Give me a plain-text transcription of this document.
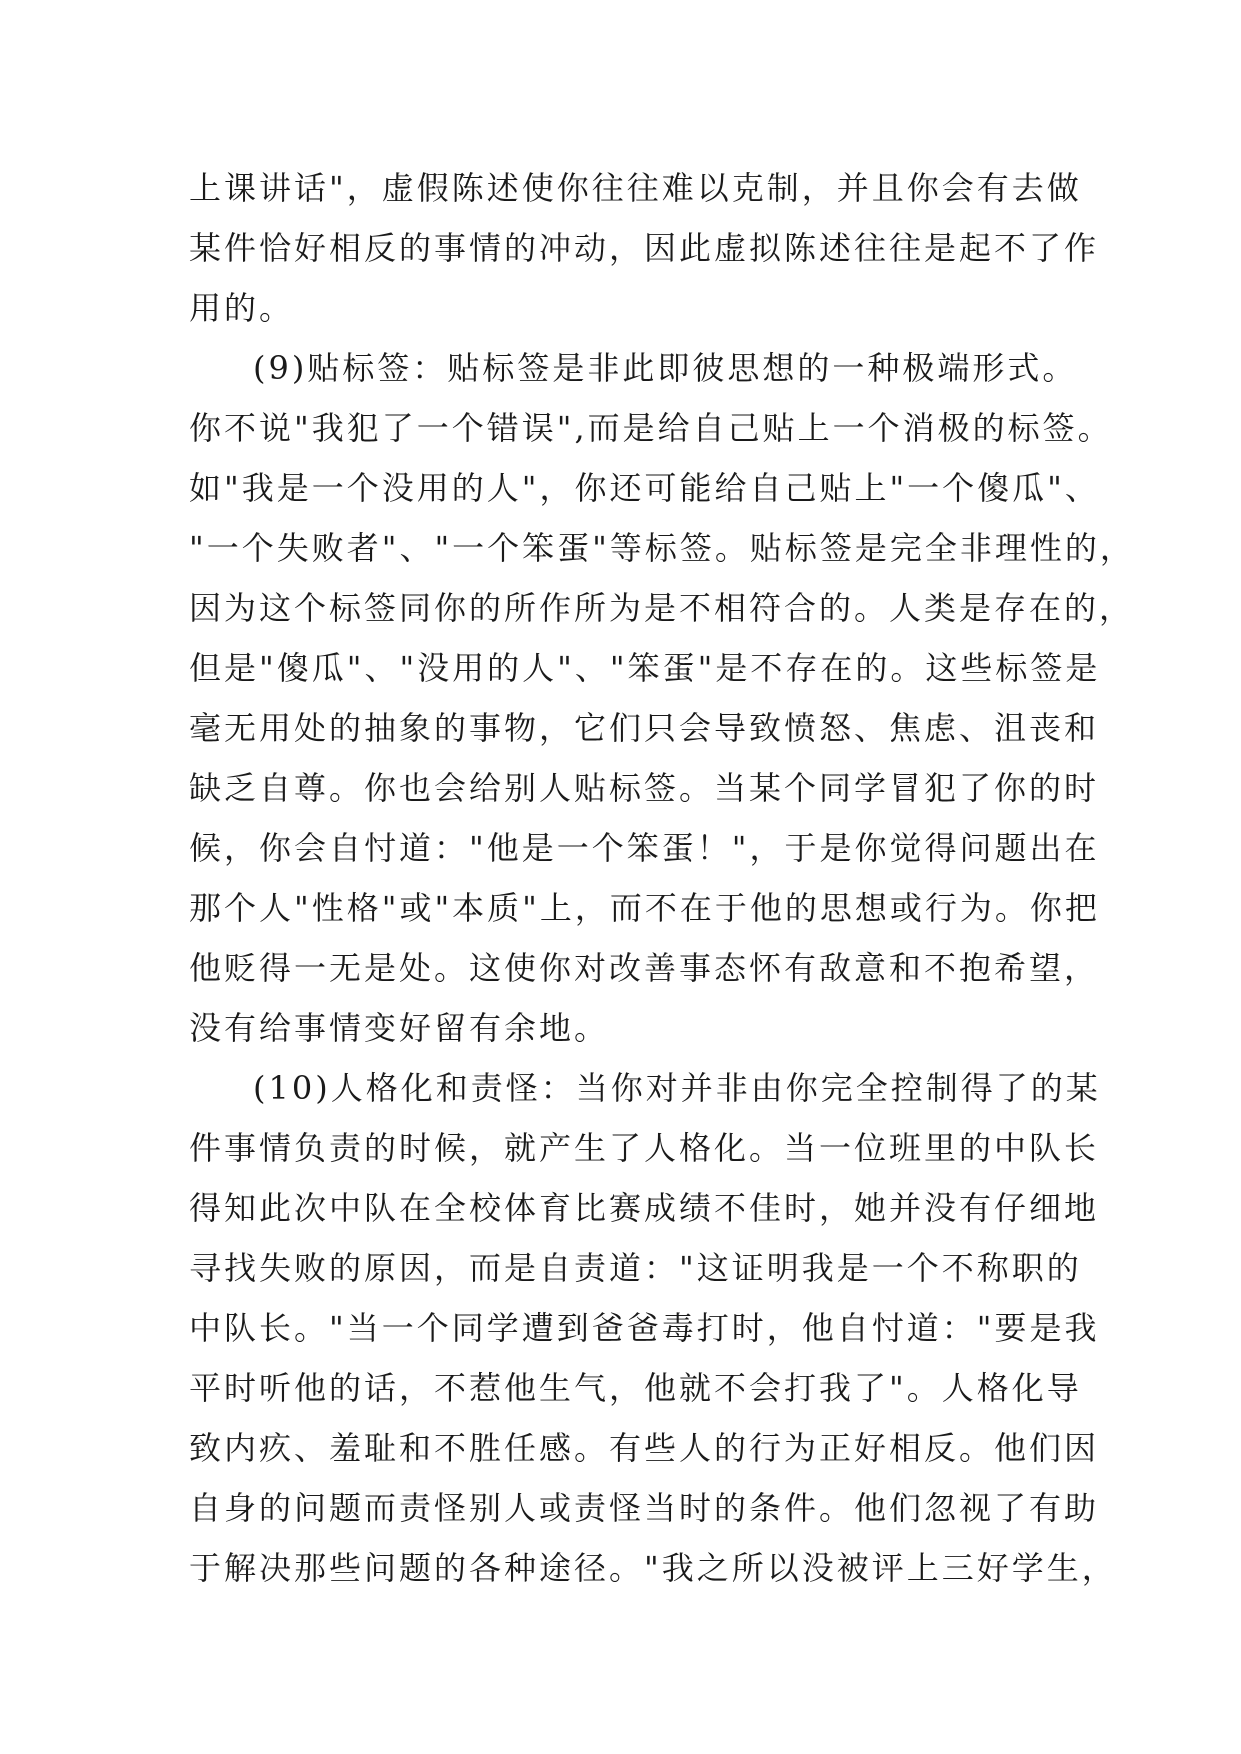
上课讲话"，虚假陈述使你往往难以克制，并且你会有去做
某件恰好相反的事情的冲动，因此虚拟陈述往往是起不了作
用的。
(9)贴标签：贴标签是非此即彼思想的一种极端形式。
你不说"我犯了一个错误",而是给自己贴上一个消极的标签。
如"我是一个没用的人"，你还可能给自己贴上"一个傻瓜"、
"一个失败者"、"一个笨蛋"等标签。贴标签是完全非理性的，
因为这个标签同你的所作所为是不相符合的。人类是存在的，
但是"傻瓜"、"没用的人"、"笨蛋"是不存在的。这些标签是
毫无用处的抽象的事物，它们只会导致愤怒、焦虑、沮丧和
缺乏自尊。你也会给别人贴标签。当某个同学冒犯了你的时
候，你会自忖道："他是一个笨蛋！"，于是你觉得问题出在
那个人"性格"或"本质"上，而不在于他的思想或行为。你把
他贬得一无是处。这使你对改善事态怀有敌意和不抱希望，
没有给事情变好留有余地。
(10)人格化和责怪：当你对并非由你完全控制得了的某
件事情负责的时候，就产生了人格化。当一位班里的中队长
得知此次中队在全校体育比赛成绩不佳时，她并没有仔细地
寻找失败的原因，而是自责道："这证明我是一个不称职的
中队长。"当一个同学遭到爸爸毒打时，他自忖道："要是我
平时听他的话，不惹他生气，他就不会打我了"。人格化导
致内疚、羞耻和不胜任感。有些人的行为正好相反。他们因
自身的问题而责怪别人或责怪当时的条件。他们忽视了有助
于解决那些问题的各种途径。"我之所以没被评上三好学生，
